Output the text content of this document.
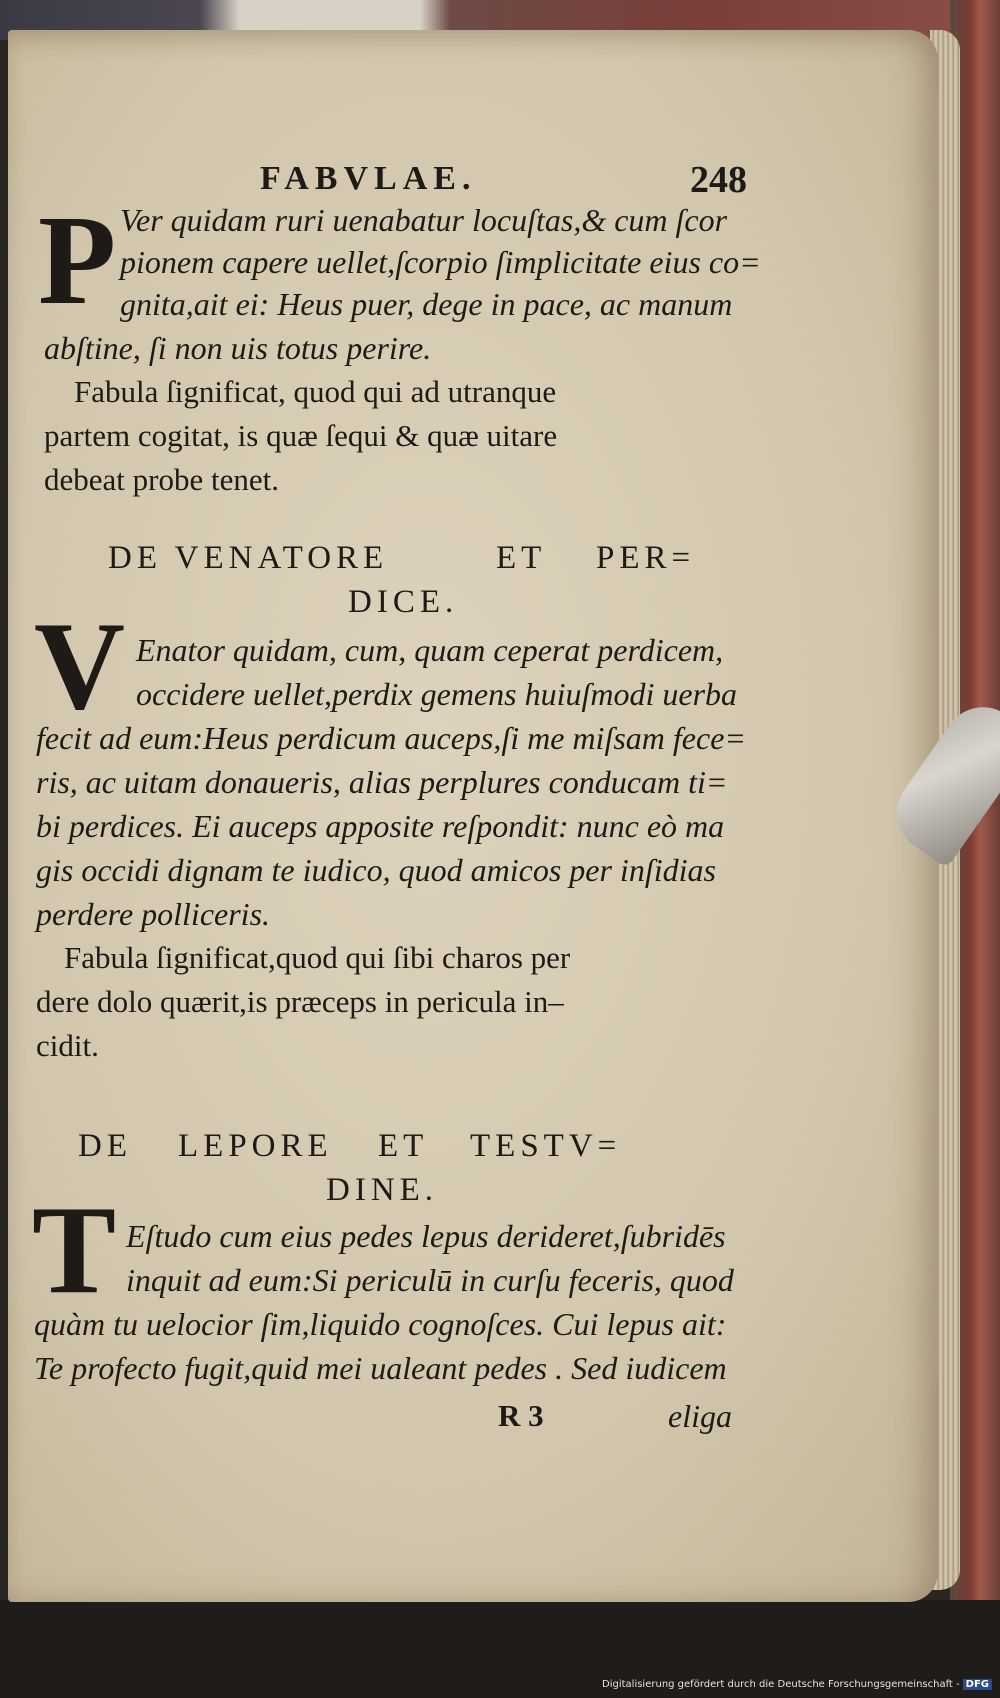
FABVLAE.	248
P Ver quidam ruri uenabatur locuſtas,& cum ſcor
pionem capere uellet,ſcorpio ſimplicitate eius co=
gnita,ait ei: Heus puer, dege in pace, ac manum
abſtine, ſi non uis totus perire.
Fabula ſignificat, quod qui ad utranque
partem cogitat, is quæ ſequi & quæ uitare
debeat probe tenet.
DE VENATORE	ET PER=
DICE.
V Enator quidam, cum, quam ceperat perdicem,
occidere uellet,perdix gemens huiuſmodi uerba
fecit ad eum:Heus perdicum auceps,ſi me miſsam fece=
ris, ac uitam donaueris, alias perplures conducam ti=
bi perdices. Ei auceps apposite reſpondit: nunc eò ma
gis occidi dignam te iudico, quod amicos per inſidias
perdere polliceris.
Fabula ſignificat,quod qui ſibi charos per
dere dolo quærit,is præceps in pericula in–
cidit.
DE LEPORE ET TESTV=
DINE.
T Eſtudo cum eius pedes lepus derideret,ſubridēs
inquit ad eum:Si periculū in curſu feceris, quod
quàm tu uelocior ſim,liquido cognoſces. Cui lepus ait:
Te profecto fugit,quid mei ualeant pedes . Sed iudicem
R 3	eliga
Digitalisierung gefördert durch die Deutsche Forschungsgemeinschaft - DFG
